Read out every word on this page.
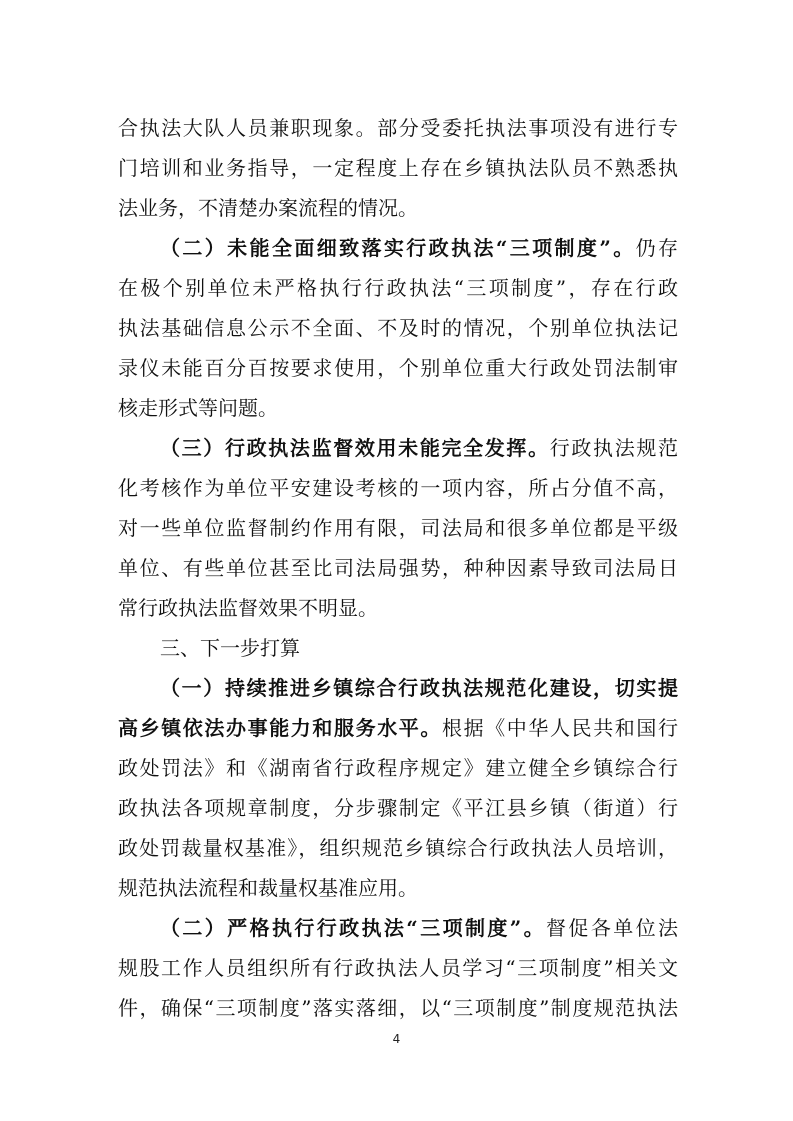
合执法大队人员兼职现象。部分受委托执法事项没有进行专
门培训和业务指导，一定程度上存在乡镇执法队员不熟悉执
法业务，不清楚办案流程的情况。
（二）未能全面细致落实行政执法“三项制度”。仍存
在极个别单位未严格执行行政执法“三项制度”，存在行政
执法基础信息公示不全面、不及时的情况，个别单位执法记
录仪未能百分百按要求使用，个别单位重大行政处罚法制审
核走形式等问题。
（三）行政执法监督效用未能完全发挥。行政执法规范
化考核作为单位平安建设考核的一项内容，所占分值不高，
对一些单位监督制约作用有限，司法局和很多单位都是平级
单位、有些单位甚至比司法局强势，种种因素导致司法局日
常行政执法监督效果不明显。
三、下一步打算
（一）持续推进乡镇综合行政执法规范化建设，切实提
高乡镇依法办事能力和服务水平。根据《中华人民共和国行
政处罚法》和《湖南省行政程序规定》建立健全乡镇综合行
政执法各项规章制度，分步骤制定《平江县乡镇（街道）行
政处罚裁量权基准》，组织规范乡镇综合行政执法人员培训，
规范执法流程和裁量权基准应用。
（二）严格执行行政执法“三项制度”。督促各单位法
规股工作人员组织所有行政执法人员学习“三项制度”相关文
件，确保“三项制度”落实落细，以“三项制度”制度规范执法
4
